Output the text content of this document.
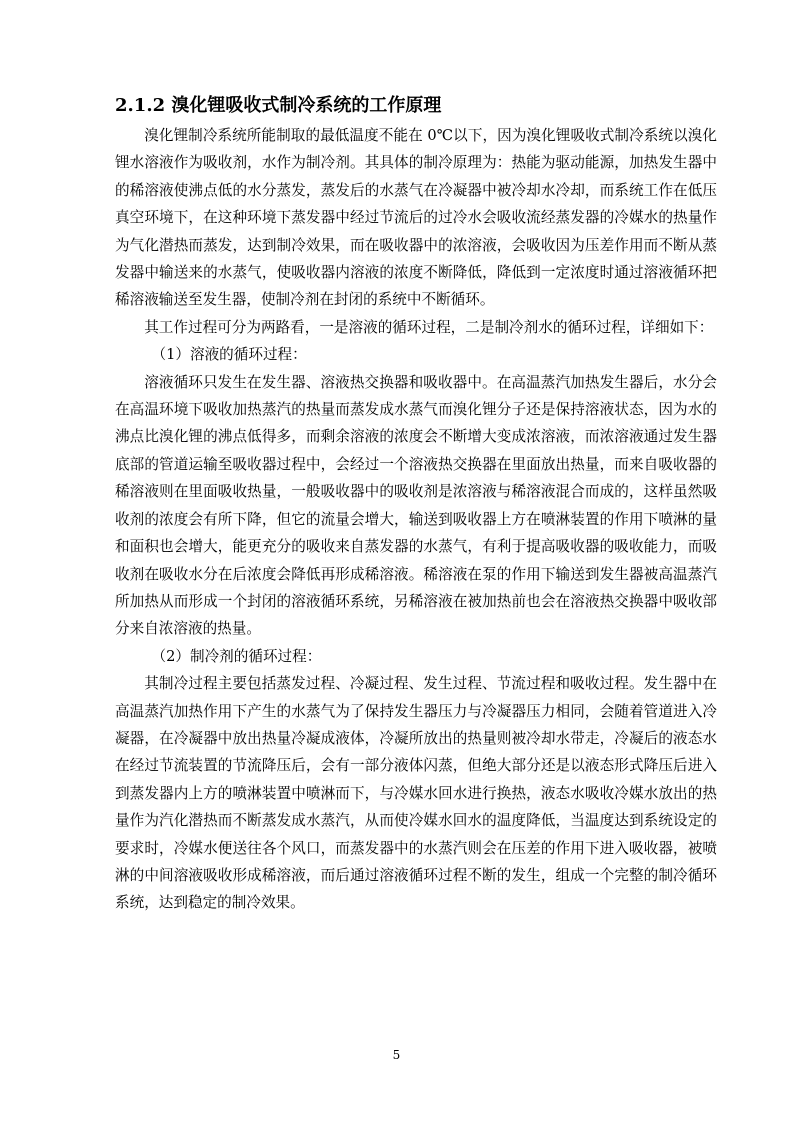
2.1.2 溴化锂吸收式制冷系统的工作原理

溴化锂制冷系统所能制取的最低温度不能在 0℃以下，因为溴化锂吸收式制冷系统以溴化锂水溶液作为吸收剂，水作为制冷剂。其具体的制冷原理为：热能为驱动能源，加热发生器中的稀溶液使沸点低的水分蒸发，蒸发后的水蒸气在冷凝器中被冷却水冷却，而系统工作在低压真空环境下，在这种环境下蒸发器中经过节流后的过冷水会吸收流经蒸发器的冷媒水的热量作为气化潜热而蒸发，达到制冷效果，而在吸收器中的浓溶液，会吸收因为压差作用而不断从蒸发器中输送来的水蒸气，使吸收器内溶液的浓度不断降低，降低到一定浓度时通过溶液循环把稀溶液输送至发生器，使制冷剂在封闭的系统中不断循环。

其工作过程可分为两路看，一是溶液的循环过程，二是制冷剂水的循环过程，详细如下：

（1）溶液的循环过程：

溶液循环只发生在发生器、溶液热交换器和吸收器中。在高温蒸汽加热发生器后，水分会在高温环境下吸收加热蒸汽的热量而蒸发成水蒸气而溴化锂分子还是保持溶液状态，因为水的沸点比溴化锂的沸点低得多，而剩余溶液的浓度会不断增大变成浓溶液，而浓溶液通过发生器底部的管道运输至吸收器过程中，会经过一个溶液热交换器在里面放出热量，而来自吸收器的稀溶液则在里面吸收热量，一般吸收器中的吸收剂是浓溶液与稀溶液混合而成的，这样虽然吸收剂的浓度会有所下降，但它的流量会增大，输送到吸收器上方在喷淋装置的作用下喷淋的量和面积也会增大，能更充分的吸收来自蒸发器的水蒸气，有利于提高吸收器的吸收能力，而吸收剂在吸收水分在后浓度会降低再形成稀溶液。稀溶液在泵的作用下输送到发生器被高温蒸汽所加热从而形成一个封闭的溶液循环系统，另稀溶液在被加热前也会在溶液热交换器中吸收部分来自浓溶液的热量。

（2）制冷剂的循环过程：

其制冷过程主要包括蒸发过程、冷凝过程、发生过程、节流过程和吸收过程。发生器中在高温蒸汽加热作用下产生的水蒸气为了保持发生器压力与冷凝器压力相同，会随着管道进入冷凝器，在冷凝器中放出热量冷凝成液体，冷凝所放出的热量则被冷却水带走，冷凝后的液态水在经过节流装置的节流降压后，会有一部分液体闪蒸，但绝大部分还是以液态形式降压后进入到蒸发器内上方的喷淋装置中喷淋而下，与冷媒水回水进行换热，液态水吸收冷媒水放出的热量作为汽化潜热而不断蒸发成水蒸汽，从而使冷媒水回水的温度降低，当温度达到系统设定的要求时，冷媒水便送往各个风口，而蒸发器中的水蒸汽则会在压差的作用下进入吸收器，被喷淋的中间溶液吸收形成稀溶液，而后通过溶液循环过程不断的发生，组成一个完整的制冷循环系统，达到稳定的制冷效果。

5
